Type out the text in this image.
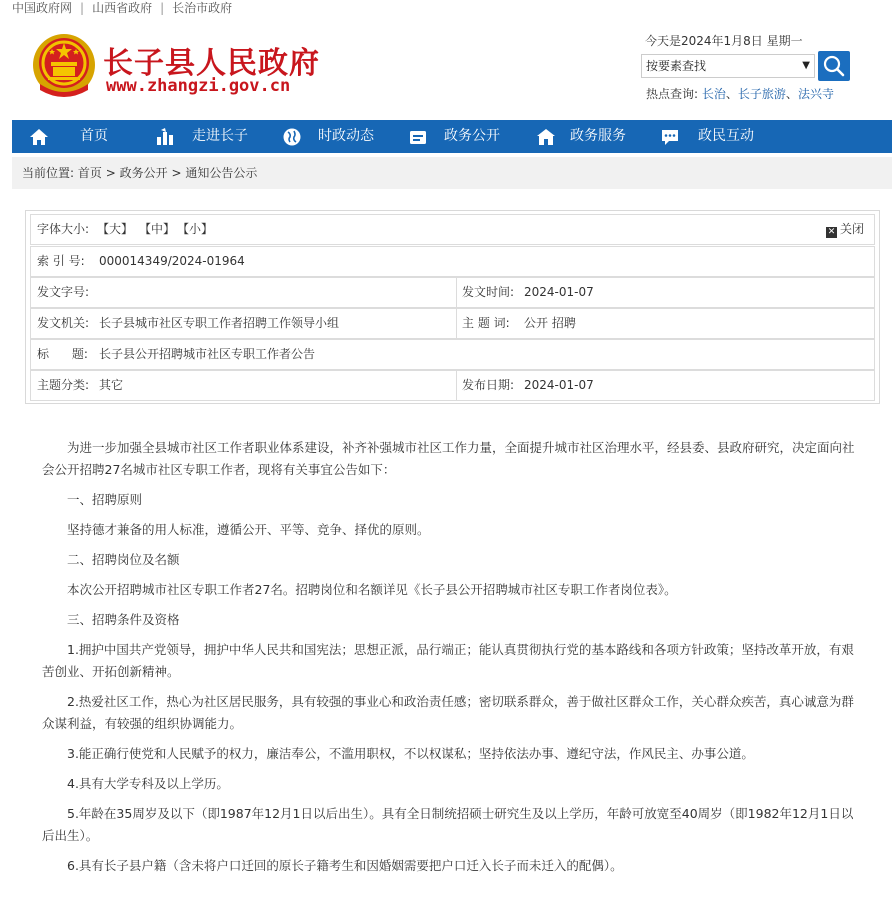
中国政府网 | 山西省政府 | 长治市政府
长子县人民政府
www.zhangzi.gov.cn
今天是2024年1月8日 星期一
按要素查找	▼
热点查询: 长治、长子旅游、法兴寺
首页	走进长子	时政动态	政务公开	政务服务	政民互动
当前位置: 首页 > 政务公开 > 通知公告公示
字体大小: 【大】 【中】 【小】	✕ 关闭
索 引 号: 000014349/2024-01964
发文字号:	发文时间: 2024-01-07
发文机关: 长子县城市社区专职工作者招聘工作领导小组	主 题 词: 公开 招聘
标      题: 长子县公开招聘城市社区专职工作者公告
主题分类: 其它	发布日期: 2024-01-07

为进一步加强全县城市社区工作者职业体系建设，补齐补强城市社区工作力量，全面提升城市社区治理水平，经县委、县政府研究，决定面向社会公开招聘27名城市社区专职工作者，现将有关事宜公告如下：

一、招聘原则

坚持德才兼备的用人标准，遵循公开、平等、竞争、择优的原则。

二、招聘岗位及名额

本次公开招聘城市社区专职工作者27名。招聘岗位和名额详见《长子县公开招聘城市社区专职工作者岗位表》。

三、招聘条件及资格

1.拥护中国共产党领导，拥护中华人民共和国宪法；思想正派，品行端正；能认真贯彻执行党的基本路线和各项方针政策；坚持改革开放，有艰苦创业、开拓创新精神。

2.热爱社区工作，热心为社区居民服务，具有较强的事业心和政治责任感；密切联系群众，善于做社区群众工作，关心群众疾苦，真心诚意为群众谋利益，有较强的组织协调能力。

3.能正确行使党和人民赋予的权力，廉洁奉公，不滥用职权，不以权谋私；坚持依法办事、遵纪守法，作风民主、办事公道。

4.具有大学专科及以上学历。

5.年龄在35周岁及以下（即1987年12月1日以后出生）。具有全日制统招硕士研究生及以上学历，年龄可放宽至40周岁（即1982年12月1日以后出生）。

6.具有长子县户籍（含未将户口迁回的原长子籍考生和因婚姻需要把户口迁入长子而未迁入的配偶）。
